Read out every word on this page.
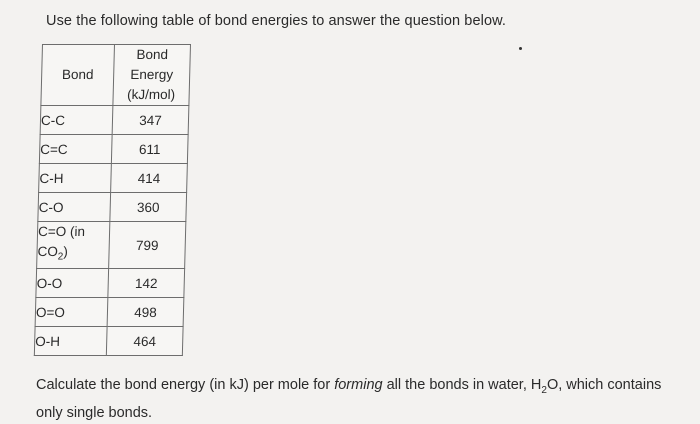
Use the following table of bond energies to answer the question below.
Bond	Bond
Energy
(kJ/mol)

C-C	347
C=C	611
C-H	414
C-O	360

C=O (in
$CO_2$)	799
O-O	142
O=O	498
O-H	464
Calculate the bond energy (in kJ) per mole for forming all the bonds in water, $H_2O$, which contains only single bonds.
